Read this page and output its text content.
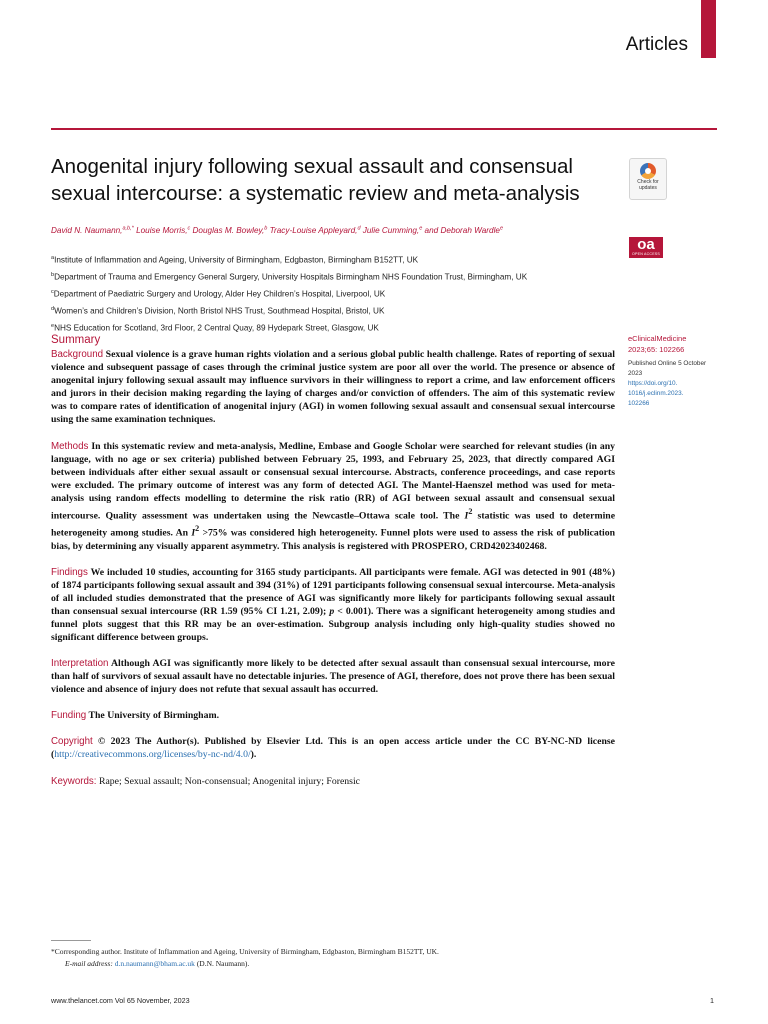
Articles
Anogenital injury following sexual assault and consensual sexual intercourse: a systematic review and meta-analysis	Check for
updates
David N. Naumann,$^{a,b,*}$ Louise Morris,$^c$ Douglas M. Bowley,$^b$ Tracy-Louise Appleyard,$^d$ Julie Cumming,$^e$ and Deborah Wardle$^e$
oa
OPEN ACCESS
$^a$Institute of Inflammation and Ageing, University of Birmingham, Edgbaston, Birmingham B152TT, UK
$^b$Department of Trauma and Emergency General Surgery, University Hospitals Birmingham NHS Foundation Trust, Birmingham, UK
$^c$Department of Paediatric Surgery and Urology, Alder Hey Children’s Hospital, Liverpool, UK
$^d$Women’s and Children’s Division, North Bristol NHS Trust, Southmead Hospital, Bristol, UK
$^e$NHS Education for Scotland, 3rd Floor, 2 Central Quay, 89 Hydepark Street, Glasgow, UK
Summary

Background Sexual violence is a grave human rights violation and a serious global public health challenge. Rates of reporting of sexual violence and subsequent passage of cases through the criminal justice system are poor all over the world. The presence or absence of anogenital injury following sexual assault may influence survivors in their willingness to report a crime, and law enforcement officers and jurors in their decision making regarding the laying of charges and/or conviction of offenders. The aim of this systematic review was to compare rates of identification of anogenital injury (AGI) in women following sexual assault and consensual sexual intercourse using the same examination techniques.

Methods In this systematic review and meta-analysis, Medline, Embase and Google Scholar were searched for relevant studies (in any language, with no age or sex criteria) published between February 25, 1993, and February 25, 2023, that directly compared AGI between individuals after either sexual assault or consensual sexual intercourse. Abstracts, conference proceedings, and case reports were excluded. The primary outcome of interest was any form of detected AGI. The Mantel-Haenszel method was used for meta-analysis using random effects modelling to determine the risk ratio (RR) of AGI between sexual assault and consensual sexual intercourse. Quality assessment was undertaken using the Newcastle–Ottawa scale tool. The $I^2$ statistic was used to determine heterogeneity among studies. An $I^2 >75\%$ was considered high heterogeneity. Funnel plots were used to assess the risk of publication bias, by determining any visually apparent asymmetry. This analysis is registered with PROSPERO, CRD42023402468.

Findings We included 10 studies, accounting for 3165 study participants. All participants were female. AGI was detected in 901 (48%) of 1874 participants following sexual assault and 394 (31%) of 1291 participants following consensual sexual intercourse. Meta-analysis of all included studies demonstrated that the presence of AGI was significantly more likely for participants following sexual assault than consensual sexual intercourse (RR 1.59 (95% CI 1.21, 2.09); p < 0.001). There was a significant heterogeneity among studies and funnel plots suggest that this RR may be an over-estimation. Subgroup analysis including only high-quality studies showed no significant difference between groups.

Interpretation Although AGI was significantly more likely to be detected after sexual assault than consensual sexual intercourse, more than half of survivors of sexual assault have no detectable injuries. The presence of AGI, therefore, does not prove there has been sexual violence and absence of injury does not refute that sexual assault has occurred.

Funding The University of Birmingham.

Copyright © 2023 The Author(s). Published by Elsevier Ltd. This is an open access article under the CC BY-NC-ND license (http://creativecommons.org/licenses/by-nc-nd/4.0/).

Keywords: Rape; Sexual assault; Non-consensual; Anogenital injury; Forensic

eClinicalMedicine
2023;65: 102266
Published Online 5 October
2023
https://doi.org/10.
1016/j.eclinm.2023.
102266
*Corresponding author. Institute of Inflammation and Ageing, University of Birmingham, Edgbaston, Birmingham B152TT, UK.
E-mail address: d.n.naumann@bham.ac.uk (D.N. Naumann).
www.thelancet.com Vol 65 November, 2023	1
